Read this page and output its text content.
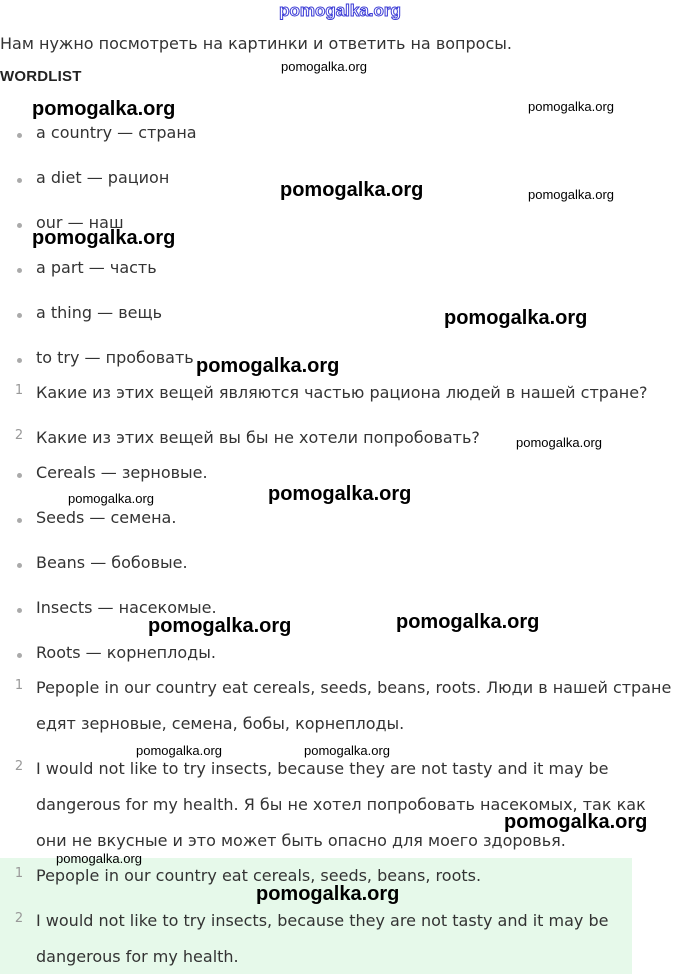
pomogalka.org
Нам нужно посмотреть на картинки и ответить на вопросы.
WORDLIST
a country — страна
a diet — рацион
our — наш
a part — часть
a thing — вещь
to try — пробовать
1 Какие из этих вещей являются частью рациона людей в нашей стране?
2 Какие из этих вещей вы бы не хотели попробовать?
Cereals — зерновые.
Seeds — семена.
Beans — бобовые.
Insects — насекомые.
Roots — корнеплоды.
1 Pepople in our country eat cereals, seeds, beans, roots. Люди в нашей стране
едят зерновые, семена, бобы, корнеплоды.
2 I would not like to try insects, because they are not tasty and it may be
dangerous for my health. Я бы не хотел попробовать насекомых, так как
они не вкусные и это может быть опасно для моего здоровья.
1 Pepople in our country eat cereals, seeds, beans, roots.
2 I would not like to try insects, because they are not tasty and it may be
dangerous for my health.
pomogalka.org
pomogalka.org	pomogalka.org
pomogalka.org	pomogalka.org
pomogalka.org
pomogalka.org
pomogalka.org
pomogalka.org
pomogalka.org
pomogalka.org
pomogalka.org
pomogalka.org
pomogalka.org	pomogalka.org
pomogalka.org
pomogalka.org
pomogalka.org
